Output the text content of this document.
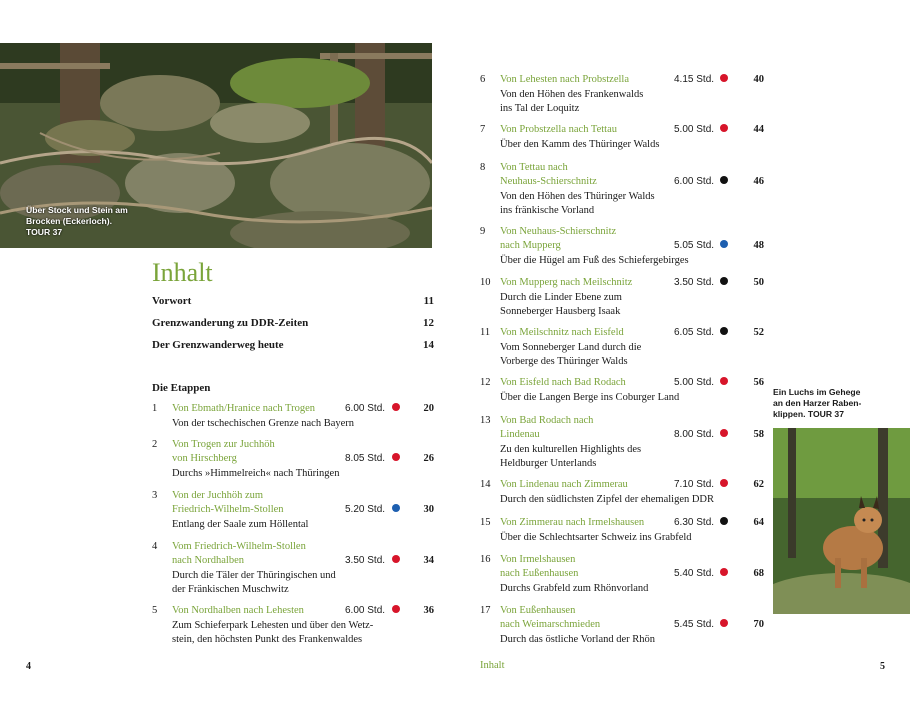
Über Stock und Stein am
Brocken (Eckerloch).
TOUR 37
Inhalt
Vorwort	11
Grenzwanderung zu DDR-Zeiten	12
Der Grenzwanderweg heute	14
Die Etappen
1 Von Ebmath/Hranice nach Trogen	6.00 Std.	20
Von der tschechischen Grenze nach Bayern
2 Von Trogen zur Juchhöh
von Hirschberg	8.05 Std.	26
Durchs »Himmelreich« nach Thüringen
3 Von der Juchhöh zum
Friedrich-Wilhelm-Stollen	5.20 Std.	30
Entlang der Saale zum Höllental
4 Vom Friedrich-Wilhelm-Stollen
nach Nordhalben	3.50 Std.	34
Durch die Täler der Thüringischen und
der Fränkischen Muschwitz
5 Von Nordhalben nach Lehesten	6.00 Std.	36
Zum Schieferpark Lehesten und über den Wetz-
stein, den höchsten Punkt des Frankenwaldes
6 Von Lehesten nach Probstzella	4.15 Std.	40
Von den Höhen des Frankenwalds
ins Tal der Loquitz
7 Von Probstzella nach Tettau	5.00 Std.	44
Über den Kamm des Thüringer Walds
8 Von Tettau nach
Neuhaus-Schierschnitz	6.00 Std.	46
Von den Höhen des Thüringer Walds
ins fränkische Vorland
9 Von Neuhaus-Schierschnitz
nach Mupperg	5.05 Std.	48
Über die Hügel am Fuß des Schiefergebirges
10 Von Mupperg nach Meilschnitz	3.50 Std.	50
Durch die Linder Ebene zum
Sonneberger Hausberg Isaak
11 Von Meilschnitz nach Eisfeld	6.05 Std.	52
Vom Sonneberger Land durch die
Vorberge des Thüringer Walds
12 Von Eisfeld nach Bad Rodach	5.00 Std.	56
Über die Langen Berge ins Coburger Land
13 Von Bad Rodach nach
Lindenau	8.00 Std.	58
Zu den kulturellen Highlights des
Heldburger Unterlands
14 Von Lindenau nach Zimmerau	7.10 Std.	62
Durch den südlichsten Zipfel der ehemaligen DDR
15 Von Zimmerau nach Irmelshausen	6.30 Std.	64
Über die Schlechtsarter Schweiz ins Grabfeld
16 Von Irmelshausen
nach Eußenhausen	5.40 Std.	68
Durchs Grabfeld zum Rhönvorland
17 Von Eußenhausen
nach Weimarschmieden	5.45 Std.	70
Durch das östliche Vorland der Rhön
Ein Luchs im Gehege
an den Harzer Raben-
klippen. TOUR 37
4	Inhalt	5
